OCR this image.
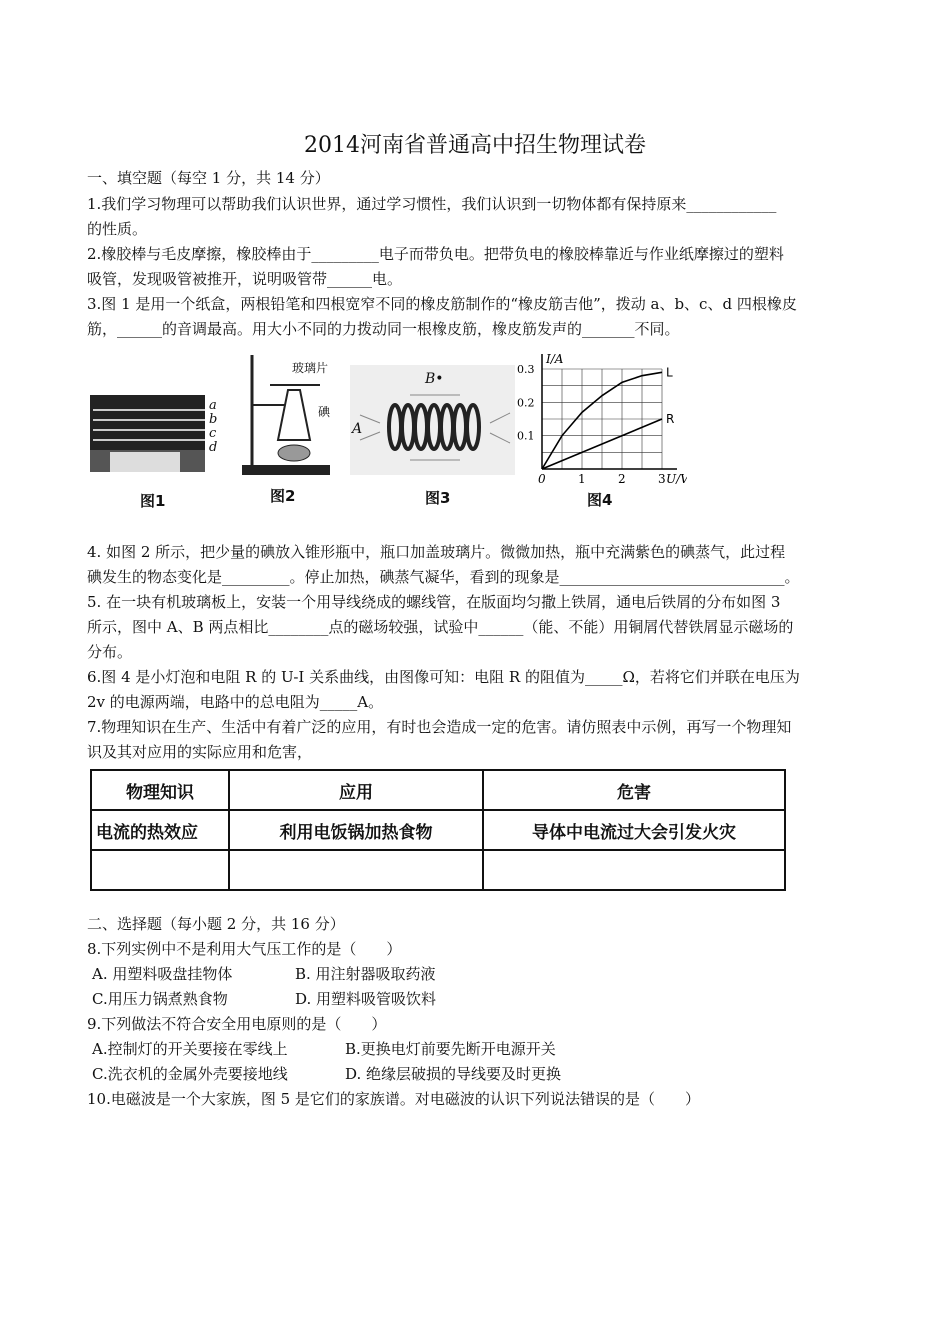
2014河南省普通高中招生物理试卷
一、填空题（每空 1 分，共 14 分）
1.我们学习物理可以帮助我们认识世界，通过学习惯性，我们认识到一切物体都有保持原来____________
的性质。
2.橡胶棒与毛皮摩擦，橡胶棒由于_________电子而带负电。把带负电的橡胶棒靠近与作业纸摩擦过的塑料
吸管，发现吸管被推开，说明吸管带______电。
3.图 1 是用一个纸盒，两根铅笔和四根宽窄不同的橡皮筋制作的“橡皮筋吉他”，拨动 a、b、c、d 四根橡皮
筋，______的音调最高。用大小不同的力拨动同一根橡皮筋，橡皮筋发声的_______不同。
a
b
c
d
图1
玻璃片
碘
图2
B•
A
图3
0	1	2	3
0.1
0.2
0.3
I/A
U/V
L
R
图4
4. 如图 2 所示，把少量的碘放入锥形瓶中，瓶口加盖玻璃片。微微加热，瓶中充满紫色的碘蒸气，此过程
碘发生的物态变化是_________。停止加热，碘蒸气凝华，看到的现象是______________________________。
5. 在一块有机玻璃板上，安装一个用导线绕成的螺线管，在版面均匀撒上铁屑，通电后铁屑的分布如图 3
所示，图中 A、B 两点相比________点的磁场较强，试验中______（能、不能）用铜屑代替铁屑显示磁场的
分布。
6.图 4 是小灯泡和电阻 R 的 U-I 关系曲线，由图像可知：电阻 R 的阻值为_____Ω，若将它们并联在电压为
2v 的电源两端，电路中的总电阻为_____A。
7.物理知识在生产、生活中有着广泛的应用，有时也会造成一定的危害。请仿照表中示例，再写一个物理知
识及其对应用的实际应用和危害，
物理知识	应用	危害
电流的热效应	利用电饭锅加热食物	导体中电流过大会引发火灾

二、选择题（每小题 2 分，共 16 分）
8.下列实例中不是利用大气压工作的是（　　）
A. 用塑料吸盘挂物体	B. 用注射器吸取药液
C.用压力锅煮熟食物	D. 用塑料吸管吸饮料
9.下列做法不符合安全用电原则的是（　　）
A.控制灯的开关要接在零线上	B.更换电灯前要先断开电源开关
C.洗衣机的金属外壳要接地线	D. 绝缘层破损的导线要及时更换
10.电磁波是一个大家族，图 5 是它们的家族谱。对电磁波的认识下列说法错误的是（　　）
